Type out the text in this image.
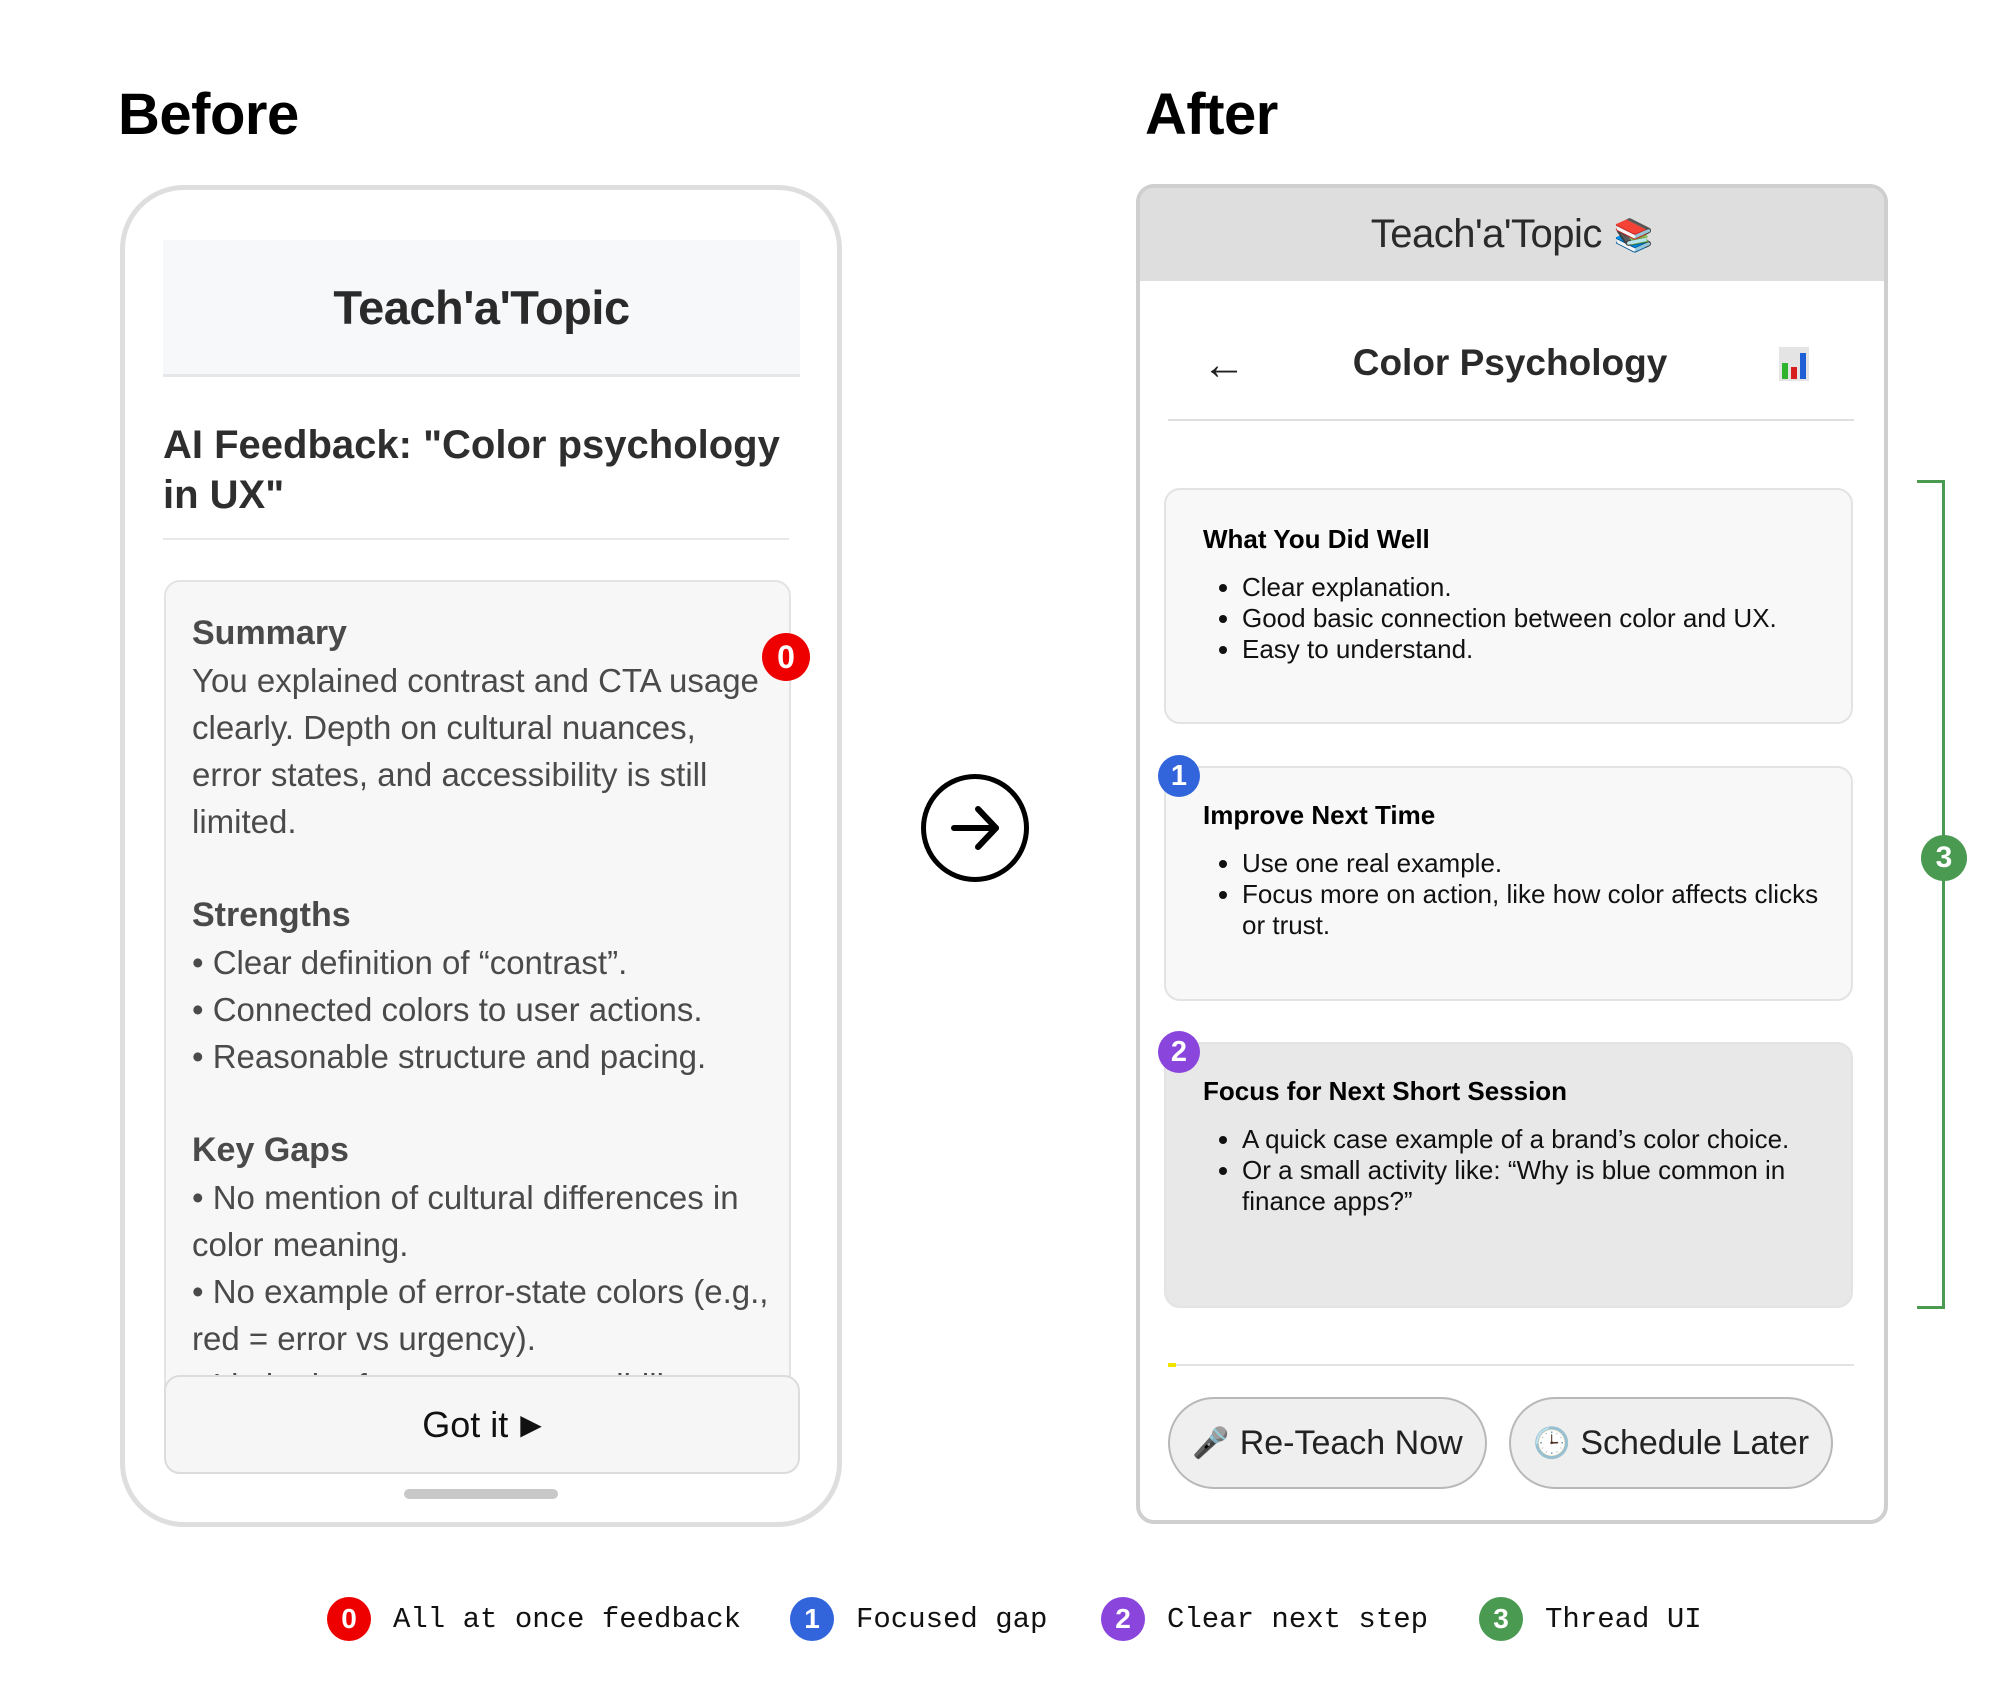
Before	After
Teach'a'Topic
AI Feedback: "Color psychology in UX"
Summary
You explained contrast and CTA usage clearly. Depth on cultural nuances, error states, and accessibility is still limited.
Strengths
• Clear definition of “contrast”.
• Connected colors to user actions.
• Reasonable structure and pacing.
Key Gaps
• No mention of cultural differences in color meaning.
• No example of error-state colors (e.g., red = error vs urgency).
Got it ▶
0
Teach'a'Topic 📚
←	Color Psychology
What You Did Well
• Clear explanation.
• Good basic connection between color and UX.
• Easy to understand.
Improve Next Time
• Use one real example.
• Focus more on action, like how color affects clicks or trust.
1
Focus for Next Short Session
• A quick case example of a brand’s color choice.
• Or a small activity like: “Why is blue common in finance apps?”
2
🎤 Re-Teach Now 🕒 Schedule Later
3
0	All at once feedback	1	Focused gap	2	Clear next step	3	Thread UI
